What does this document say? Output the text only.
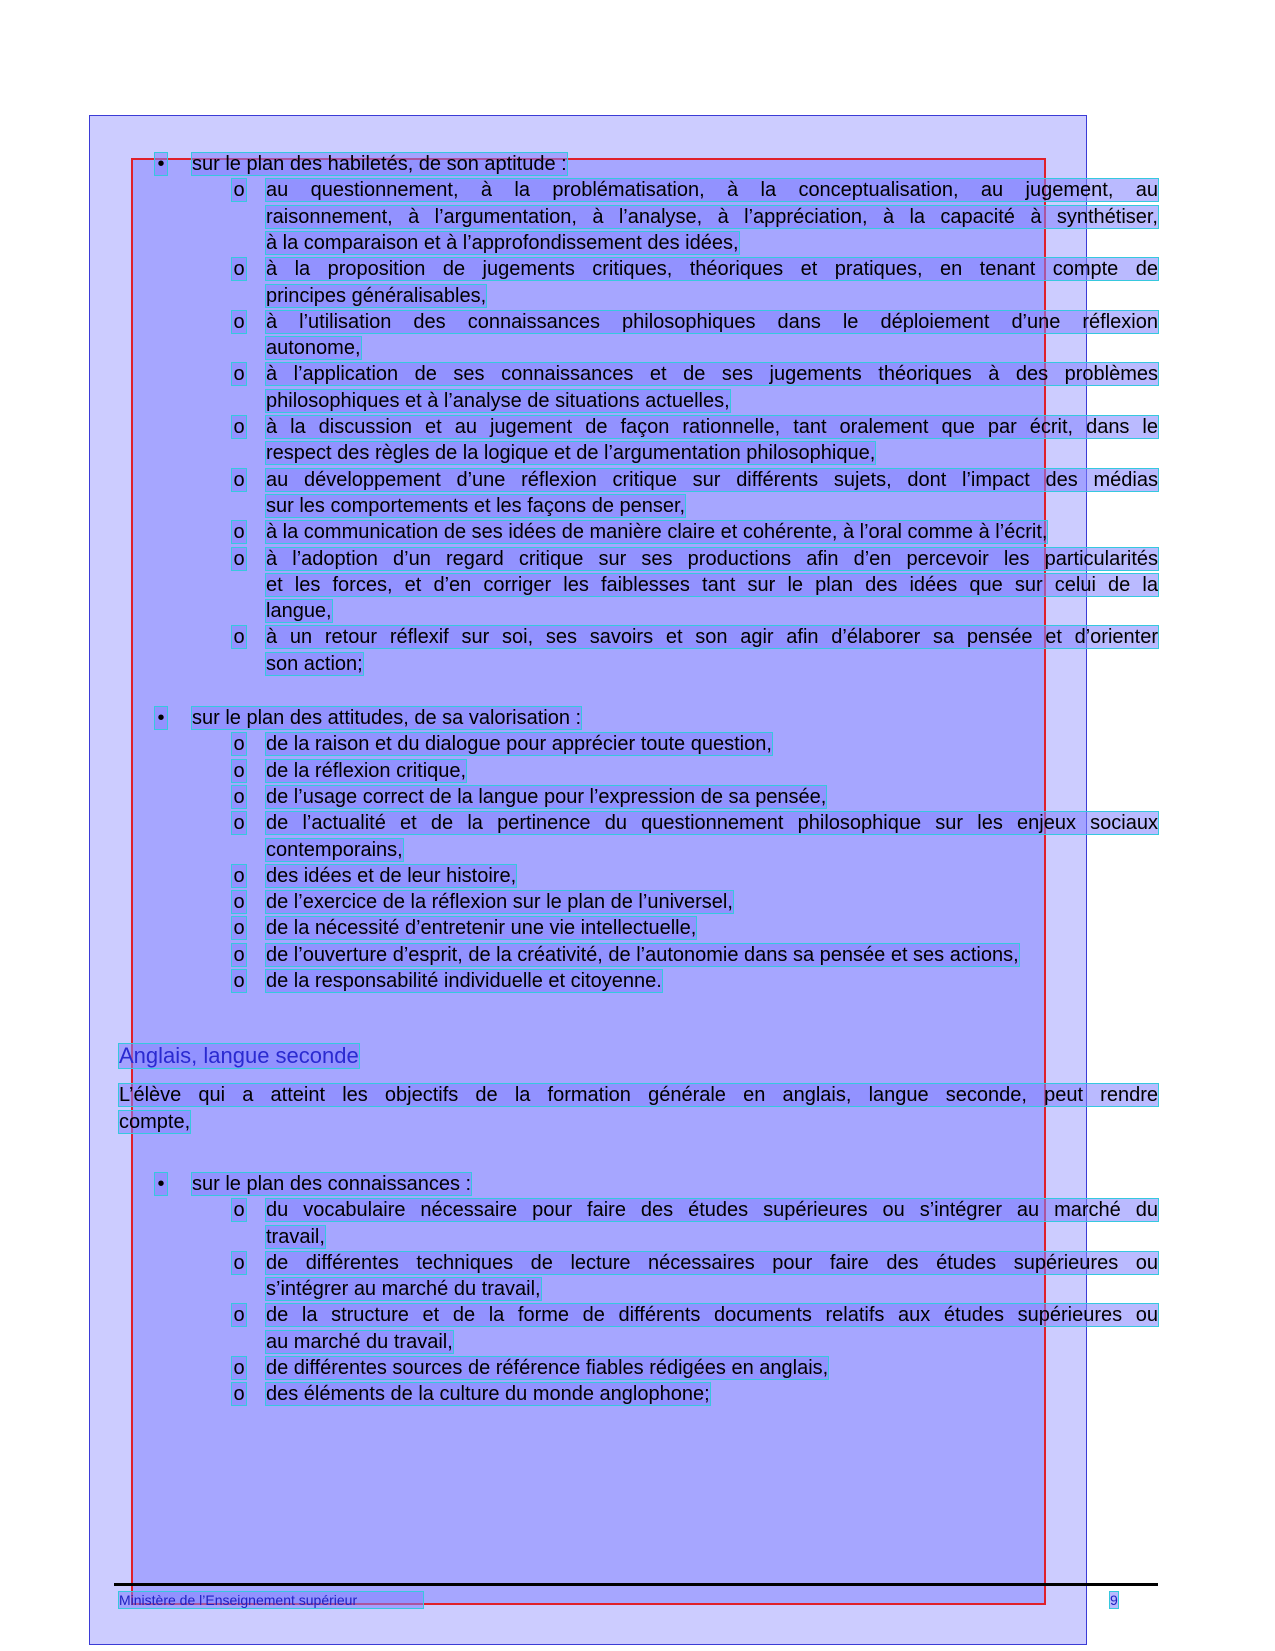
• sur le plan des habiletés, de son aptitude :
o au questionnement, à la problématisation, à la conceptualisation, au jugement, au
raisonnement, à l’argumentation, à l’analyse, à l’appréciation, à la capacité à synthétiser,
à la comparaison et à l’approfondissement des idées,
o à la proposition de jugements critiques, théoriques et pratiques, en tenant compte de
principes généralisables,
o à l’utilisation des connaissances philosophiques dans le déploiement d’une réflexion
autonome,
o à l’application de ses connaissances et de ses jugements théoriques à des problèmes
philosophiques et à l’analyse de situations actuelles,
o à la discussion et au jugement de façon rationnelle, tant oralement que par écrit, dans le
respect des règles de la logique et de l’argumentation philosophique,
o au développement d’une réflexion critique sur différents sujets, dont l’impact des médias
sur les comportements et les façons de penser,
o à la communication de ses idées de manière claire et cohérente, à l’oral comme à l’écrit,
o à l’adoption d’un regard critique sur ses productions afin d’en percevoir les particularités
et les forces, et d’en corriger les faiblesses tant sur le plan des idées que sur celui de la
langue,
o à un retour réflexif sur soi, ses savoirs et son agir afin d’élaborer sa pensée et d’orienter
son action;
• sur le plan des attitudes, de sa valorisation :
o de la raison et du dialogue pour apprécier toute question,
o de la réflexion critique,
o de l’usage correct de la langue pour l’expression de sa pensée,
o de l’actualité et de la pertinence du questionnement philosophique sur les enjeux sociaux
contemporains,
o des idées et de leur histoire,
o de l’exercice de la réflexion sur le plan de l’universel,
o de la nécessité d’entretenir une vie intellectuelle,
o de l’ouverture d’esprit, de la créativité, de l’autonomie dans sa pensée et ses actions,
o de la responsabilité individuelle et citoyenne.
Anglais, langue seconde
L’élève qui a atteint les objectifs de la formation générale en anglais, langue seconde, peut rendre
compte,
• sur le plan des connaissances :
o du vocabulaire nécessaire pour faire des études supérieures ou s’intégrer au marché du
travail,
o de différentes techniques de lecture nécessaires pour faire des études supérieures ou
s’intégrer au marché du travail,
o de la structure et de la forme de différents documents relatifs aux études supérieures ou
au marché du travail,
o de différentes sources de référence fiables rédigées en anglais,
o des éléments de la culture du monde anglophone;
Ministère de l’Enseignement supérieur	9
